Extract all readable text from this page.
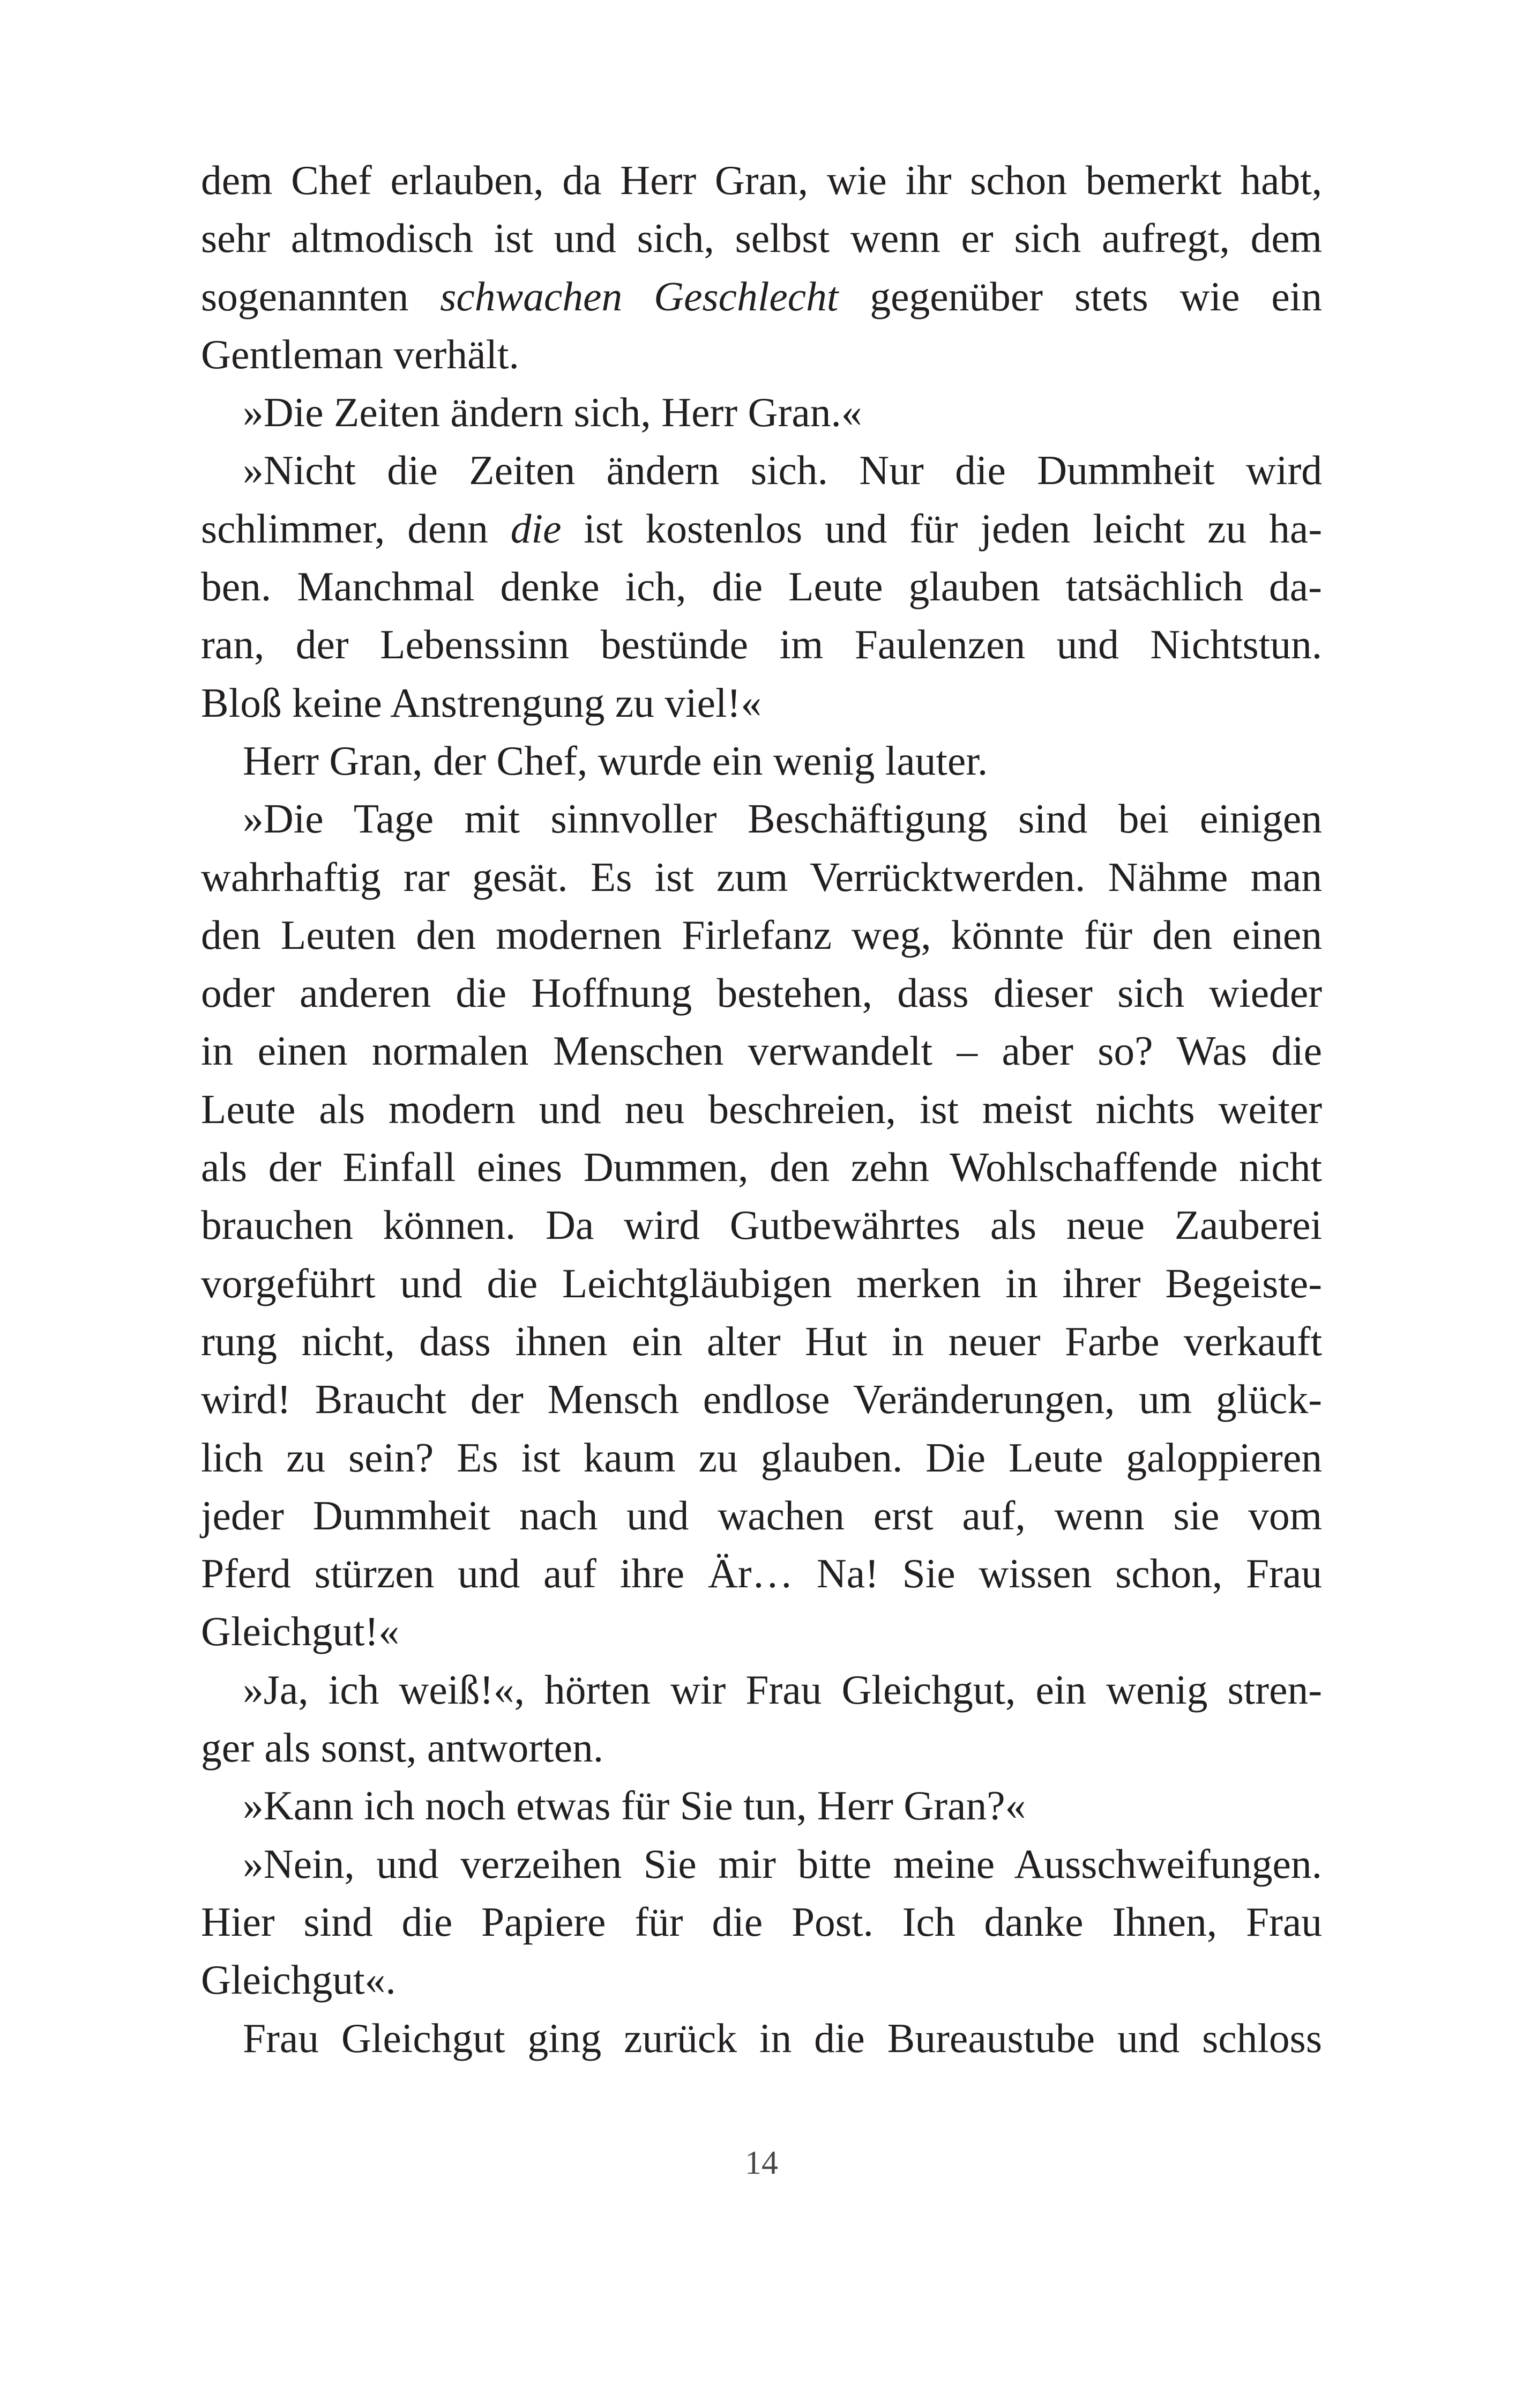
dem Chef erlauben, da Herr Gran, wie ihr schon bemerkt habt,
sehr altmodisch ist und sich, selbst wenn er sich aufregt, dem
sogenannten schwachen Geschlecht gegenüber stets wie ein
Gentleman verhält.
»Die Zeiten ändern sich, Herr Gran.«
»Nicht die Zeiten ändern sich. Nur die Dummheit wird
schlimmer, denn die ist kostenlos und für jeden leicht zu ha-
ben. Manchmal denke ich, die Leute glauben tatsächlich da-
ran, der Lebenssinn bestünde im Faulenzen und Nichtstun.
Bloß keine Anstrengung zu viel!«
Herr Gran, der Chef, wurde ein wenig lauter.
»Die Tage mit sinnvoller Beschäftigung sind bei einigen
wahrhaftig rar gesät. Es ist zum Verrücktwerden. Nähme man
den Leuten den modernen Firlefanz weg, könnte für den einen
oder anderen die Hoffnung bestehen, dass dieser sich wieder
in einen normalen Menschen verwandelt – aber so? Was die
Leute als modern und neu beschreien, ist meist nichts weiter
als der Einfall eines Dummen, den zehn Wohlschaffende nicht
brauchen können. Da wird Gutbewährtes als neue Zauberei
vorgeführt und die Leichtgläubigen merken in ihrer Begeiste-
rung nicht, dass ihnen ein alter Hut in neuer Farbe verkauft
wird! Braucht der Mensch endlose Veränderungen, um glück-
lich zu sein? Es ist kaum zu glauben. Die Leute galoppieren
jeder Dummheit nach und wachen erst auf, wenn sie vom
Pferd stürzen und auf ihre Är… Na! Sie wissen schon, Frau
Gleichgut!«
»Ja, ich weiß!«, hörten wir Frau Gleichgut, ein wenig stren-
ger als sonst, antworten.
»Kann ich noch etwas für Sie tun, Herr Gran?«
»Nein, und verzeihen Sie mir bitte meine Ausschweifungen.
Hier sind die Papiere für die Post. Ich danke Ihnen, Frau
Gleichgut«.
Frau Gleichgut ging zurück in die Bureaustube und schloss
14
